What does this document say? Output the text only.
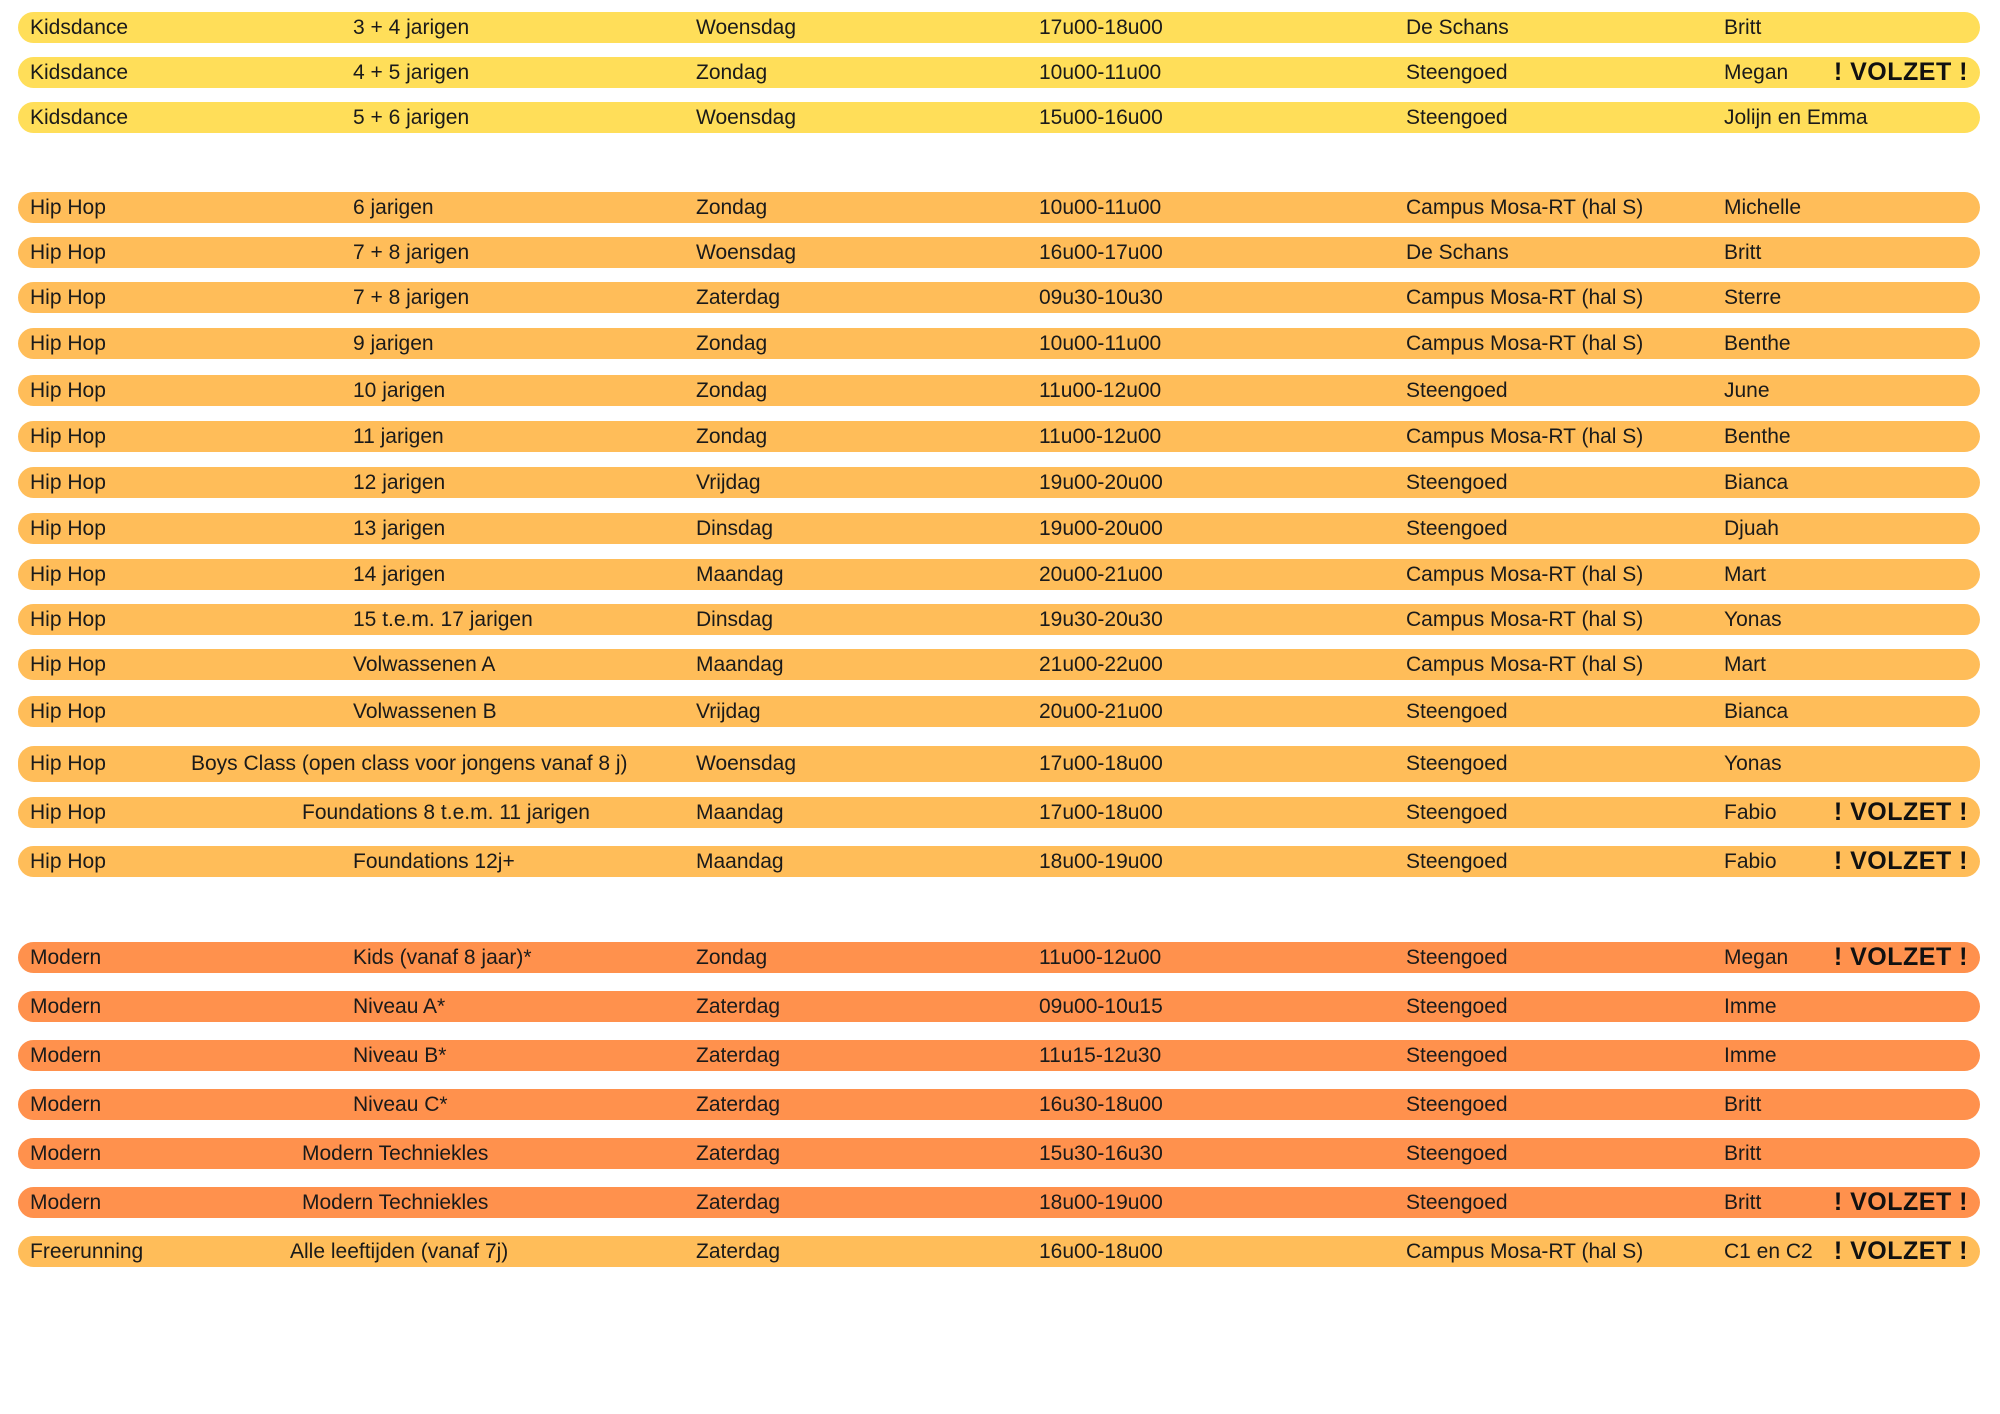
Kidsdance	3 + 4 jarigen	Woensdag	17u00-18u00	De Schans	Britt
Kidsdance	4 + 5 jarigen	Zondag	10u00-11u00	Steengoed	Megan ! VOLZET !
Kidsdance	5 + 6 jarigen	Woensdag	15u00-16u00	Steengoed	Jolijn en Emma
Hip Hop	6 jarigen	Zondag	10u00-11u00	Campus Mosa-RT (hal S)	Michelle
Hip Hop	7 + 8 jarigen	Woensdag	16u00-17u00	De Schans	Britt
Hip Hop	7 + 8 jarigen	Zaterdag	09u30-10u30	Campus Mosa-RT (hal S)	Sterre
Hip Hop	9 jarigen	Zondag	10u00-11u00	Campus Mosa-RT (hal S)	Benthe
Hip Hop	10 jarigen	Zondag	11u00-12u00	Steengoed	June
Hip Hop	11 jarigen	Zondag	11u00-12u00	Campus Mosa-RT (hal S)	Benthe
Hip Hop	12 jarigen	Vrijdag	19u00-20u00	Steengoed	Bianca
Hip Hop	13 jarigen	Dinsdag	19u00-20u00	Steengoed	Djuah
Hip Hop	14 jarigen	Maandag	20u00-21u00	Campus Mosa-RT (hal S)	Mart
Hip Hop	15 t.e.m. 17 jarigen	Dinsdag	19u30-20u30	Campus Mosa-RT (hal S)	Yonas
Hip Hop	Volwassenen A	Maandag	21u00-22u00	Campus Mosa-RT (hal S)	Mart
Hip Hop	Volwassenen B	Vrijdag	20u00-21u00	Steengoed	Bianca
Hip Hop	Boys Class (open class voor jongens vanaf 8 j)	Woensdag	17u00-18u00	Steengoed	Yonas
Hip Hop	Foundations 8 t.e.m. 11 jarigen	Maandag	17u00-18u00	Steengoed	Fabio ! VOLZET !
Hip Hop	Foundations 12j+	Maandag	18u00-19u00	Steengoed	Fabio ! VOLZET !
Modern	Kids (vanaf 8 jaar)*	Zondag	11u00-12u00	Steengoed	Megan ! VOLZET !
Modern	Niveau A*	Zaterdag	09u00-10u15	Steengoed	Imme
Modern	Niveau B*	Zaterdag	11u15-12u30	Steengoed	Imme
Modern	Niveau C*	Zaterdag	16u30-18u00	Steengoed	Britt
Modern	Modern Techniekles	Zaterdag	15u30-16u30	Steengoed	Britt
Modern	Modern Techniekles	Zaterdag	18u00-19u00	Steengoed	Britt	! VOLZET !
Freerunning	Alle leeftijden (vanaf 7j)	Zaterdag	16u00-18u00	Campus Mosa-RT (hal S)	C1 en C2 ! VOLZET !
